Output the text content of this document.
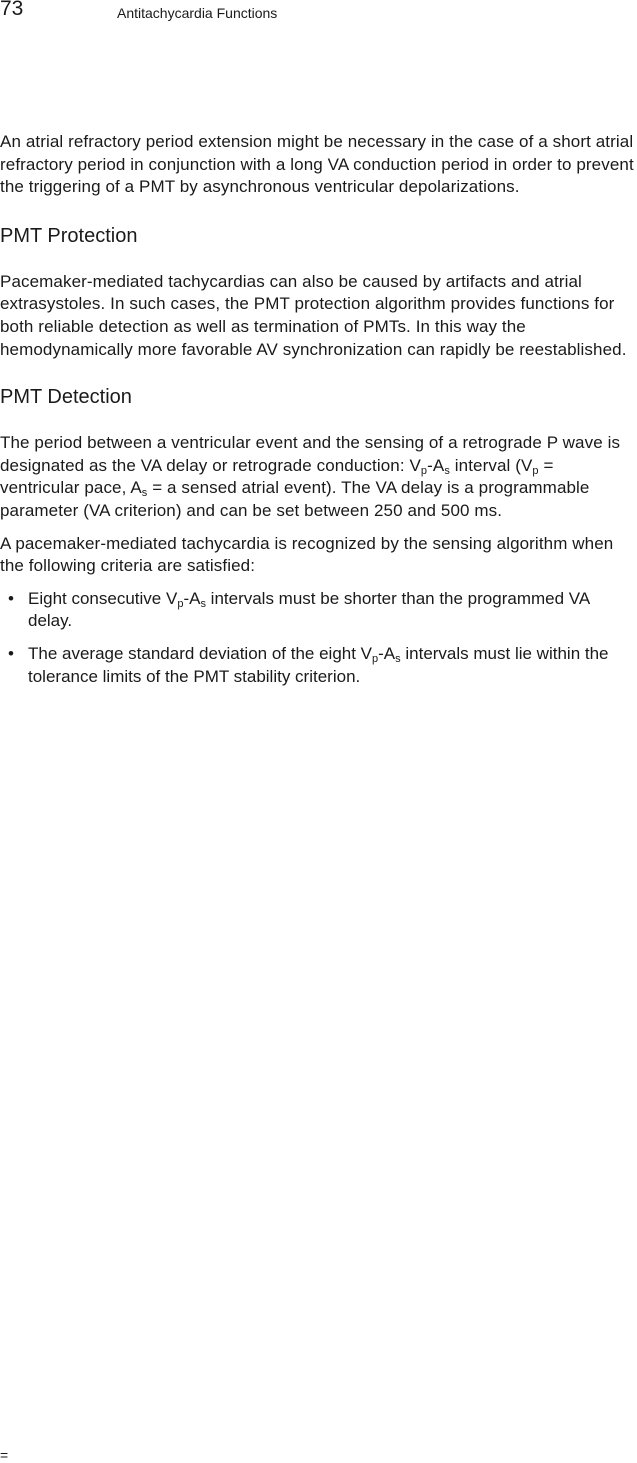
73	Antitachycardia Functions

An atrial refractory period extension might be necessary in the case of a short atrial refractory period in conjunction with a long VA conduction period in order to prevent the triggering of a PMT by asynchronous ventricular depolarizations.

PMT Protection

Pacemaker-mediated tachycardias can also be caused by artifacts and atrial extrasystoles. In such cases, the PMT protection algorithm provides functions for both reliable detection as well as termination of PMTs. In this way the hemodynamically more favorable AV synchronization can rapidly be reestablished.

PMT Detection

The period between a ventricular event and the sensing of a retrograde P wave is designated as the VA delay or retrograde conduction: $V_p-A_s$ interval ($V_p$ = ventricular pace, $A_s = a$ sensed atrial event). The VA delay is a programmable parameter (VA criterion) and can be set between 250 and 500 ms.

A pacemaker-mediated tachycardia is recognized by the sensing algorithm when the following criteria are satisfied:

• Eight consecutive $V_p-A_s$ intervals must be shorter than the programmed VA delay.
• The average standard deviation of the eight $V_p-A_s$ intervals must lie within the tolerance limits of the PMT stability criterion.
=
